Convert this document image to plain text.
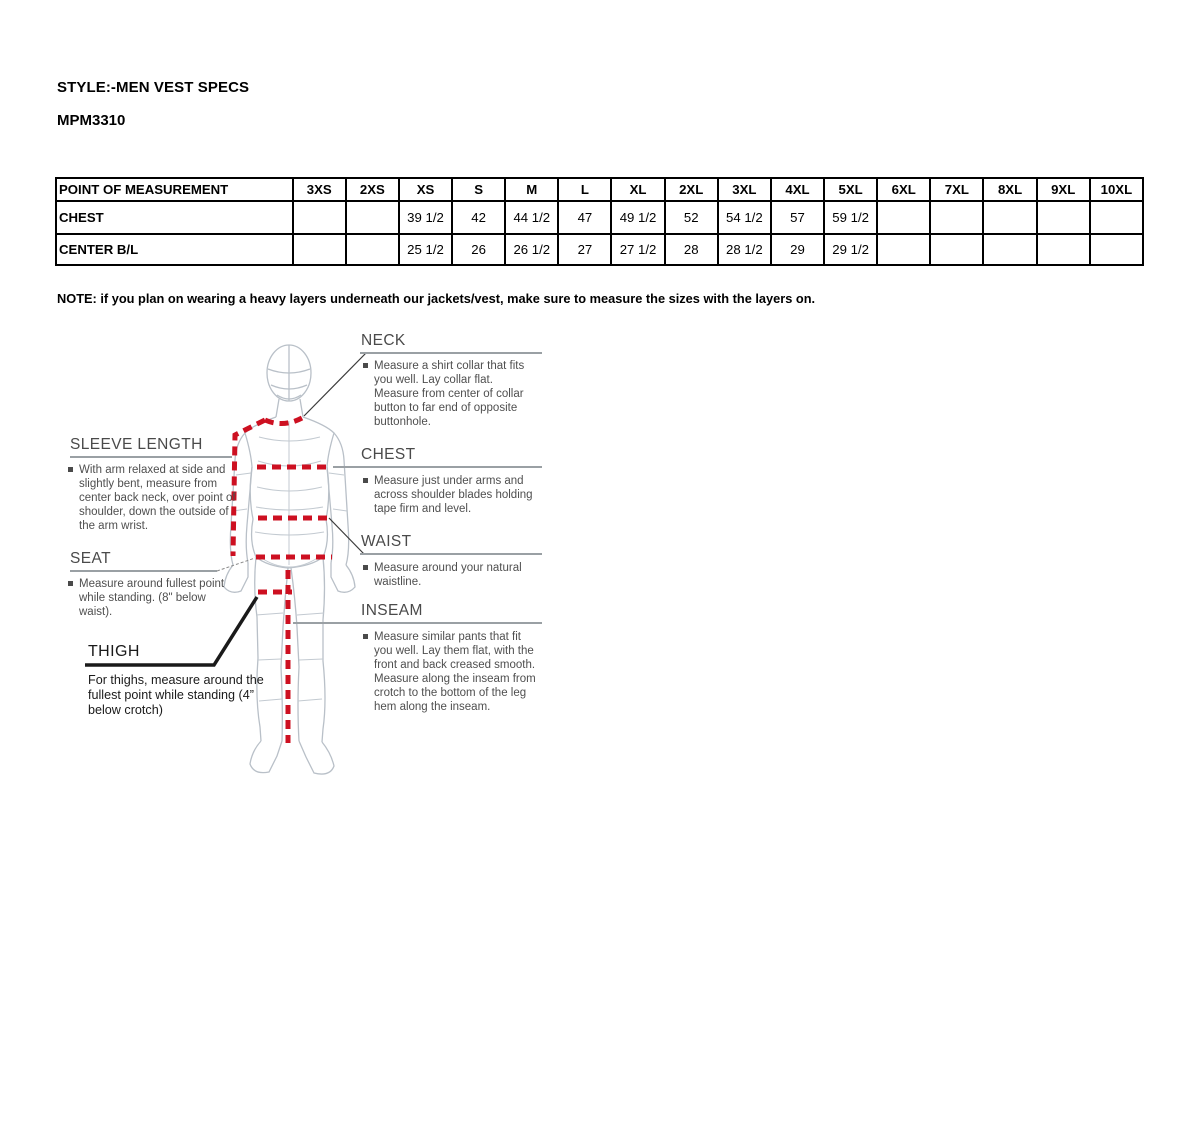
STYLE:-MEN VEST SPECS
MPM3310
POINT OF MEASUREMENT	3XS	2XS	XS	S	M	L	XL	2XL	3XL	4XL	5XL	6XL	7XL	8XL	9XL	10XL
CHEST			39 1/2	42	44 1/2	47	49 1/2	52	54 1/2	57	59 1/2					
CENTER B/L			25 1/2	26	26 1/2	27	27 1/2	28	28 1/2	29	29 1/2					
NOTE: if you plan on wearing a heavy layers underneath our jackets/vest, make sure to measure the sizes with the layers on.
NECK
Measure a shirt collar that fits you well. Lay collar flat. Measure from center of collar button to far end of opposite buttonhole.
SLEEVE LENGTH
With arm relaxed at side and slightly bent, measure from center back neck, over point of shoulder, down the outside of the arm wrist.
CHEST
Measure just under arms and across shoulder blades holding tape firm and level.
WAIST
Measure around your natural waistline.
SEAT
Measure around fullest point while standing. (8" below waist).	INSEAM
Measure similar pants that fit you well. Lay them flat, with the front and back creased smooth. Measure along the inseam from crotch to the bottom of the leg hem along the inseam.
THIGH
For thighs, measure around the fullest point while standing (4” below crotch)
